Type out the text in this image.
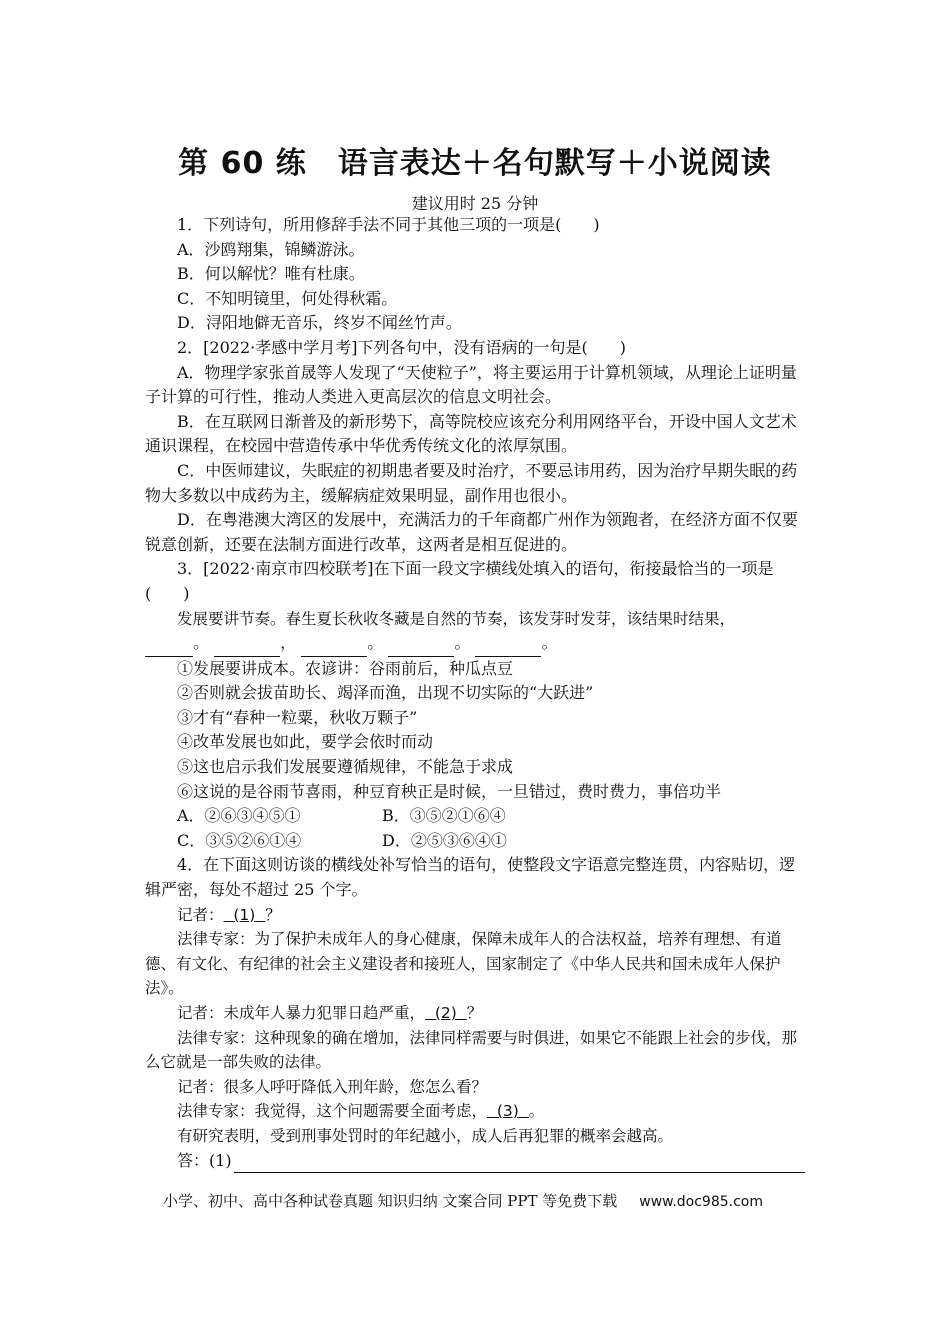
第 60 练　语言表达＋名句默写＋小说阅读
建议用时 25 分钟

1．下列诗句，所用修辞手法不同于其他三项的一项是(　　)

A．沙鸥翔集，锦鳞游泳。

B．何以解忧？唯有杜康。

C．不知明镜里，何处得秋霜。

D．浔阳地僻无音乐，终岁不闻丝竹声。

2．[2022·孝感中学月考]下列各句中，没有语病的一句是(　　)

A．物理学家张首晟等人发现了“天使粒子”，将主要运用于计算机领域，从理论上证明量子计算的可行性，推动人类进入更高层次的信息文明社会。

B．在互联网日渐普及的新形势下，高等院校应该充分利用网络平台，开设中国人文艺术通识课程，在校园中营造传承中华优秀传统文化的浓厚氛围。

C．中医师建议，失眠症的初期患者要及时治疗，不要忌讳用药，因为治疗早期失眠的药物大多数以中成药为主，缓解病症效果明显，副作用也很小。

D．在粤港澳大湾区的发展中，充满活力的千年商都广州作为领跑者，在经济方面不仅要锐意创新，还要在法制方面进行改革，这两者是相互促进的。

3．[2022·南京市四校联考]在下面一段文字横线处填入的语句，衔接最恰当的一项是(　　)

发展要讲节奏。春生夏长秋收冬藏是自然的节奏，该发芽时发芽，该结果时结果，

。	，	。	。	。

①发展要讲成本。农谚讲：谷雨前后，种瓜点豆

②否则就会拔苗助长、竭泽而渔，出现不切实际的“大跃进”

③才有“春种一粒粟，秋收万颗子”

④改革发展也如此，要学会依时而动

⑤这也启示我们发展要遵循规律，不能急于求成

⑥这说的是谷雨节喜雨，种豆育秧正是时候，一旦错过，费时费力，事倍功半

A．②⑥③④⑤①	B．③⑤②①⑥④
C．③⑤②⑥①④	D．②⑤③⑥④①

4．在下面这则访谈的横线处补写恰当的语句，使整段文字语意完整连贯，内容贴切，逻辑严密，每处不超过 25 个字。

记者： (1) ？

法律专家：为了保护未成年人的身心健康，保障未成年人的合法权益，培养有理想、有道德、有文化、有纪律的社会主义建设者和接班人，国家制定了《中华人民共和国未成年人保护法》。

记者：未成年人暴力犯罪日趋严重， (2) ？

法律专家：这种现象的确在增加，法律同样需要与时俱进，如果它不能跟上社会的步伐，那么它就是一部失败的法律。

记者：很多人呼吁降低入刑年龄，您怎么看？

法律专家：我觉得，这个问题需要全面考虑， (3) 。

有研究表明，受到刑事处罚时的年纪越小，成人后再犯罪的概率会越高。

答：(1)
小学、初中、高中各种试卷真题 知识归纳 文案合同 PPT 等免费下载 www.doc985.com
